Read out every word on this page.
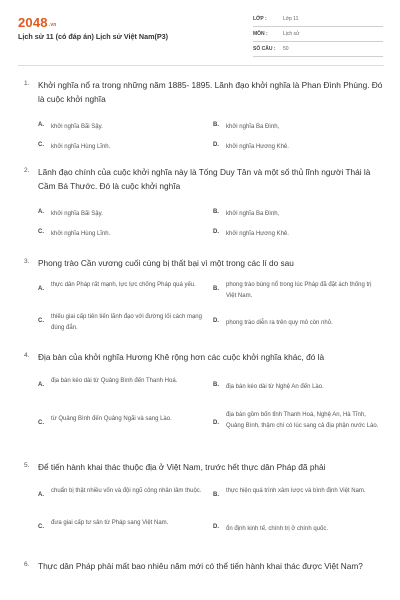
$2048^{.vn}$
Lịch sử 11 (có đáp án) Lịch sử Việt Nam(P3)
LỚP :	Lớp 11
MÔN :	Lịch sử
SỐ CÂU : 50
1. Khởi nghĩa nổ ra trong những năm 1885- 1895. Lãnh đạo khởi nghĩa là Phan Đình Phùng. Đó là cuộc khởi nghĩa
A. khởi nghĩa Bãi Sậy.	B. khởi nghĩa Ba Đình,
C. khởi nghĩa Hùng Lĩnh.	D. khởi nghĩa Hương Khê.
2. Lãnh đạo chính của cuộc khởi nghĩa này là Tống Duy Tân và một số thủ lĩnh người Thái là Cầm Bá Thước. Đó là cuộc khởi nghĩa
A. khởi nghĩa Bãi Sậy.	B. khởi nghĩa Ba Đình,
C. khởi nghĩa Hùng Lĩnh.	D. khởi nghĩa Hương Khê.
3. Phong trào Cần vương cuối cùng bị thất bại vì một trong các lí do sau
A.
thực dân Pháp rất mạnh, lực lực chống Pháp quá yếu.
B.
phong trào bùng nổ trong lúc Pháp đã đặt ách thống trị Việt Nam.
C.
thiếu giai cấp tiên tiến lãnh đạo với đường lối cách mạng đúng đắn.
D. phong trào diễn ra trên quy mô còn nhỏ.
4. Địa bàn của khởi nghĩa Hương Khê rộng hơn các cuộc khởi nghĩa khác, đó là
A.
địa bàn kéo dài từ Quảng Bình đến Thanh Hoá.
B. địa bàn kéo dài từ Nghệ An đến Lào.
C.
từ Quảng Bình đến Quảng Ngãi và sang Lào.
D.
địa bàn gồm bốn tỉnh Thanh Hoá, Nghệ An, Hà Tĩnh, Quảng Bình, thậm chí có lúc sang cả địa phận nước Lào.
5. Để tiến hành khai thác thuộc địa ở Việt Nam, trước hết thực dân Pháp đã phải
A.
chuẩn bị thật nhiều vốn và đội ngũ công nhân lâm thuộc.
B.
thực hiện quá trình xâm lược và bình định Việt Nam.
C.
đưa giai cấp tư sản từ Pháp sang Việt Nam.
D. ổn định kinh tế, chính trị ở chính quốc.
6. Thực dân Pháp phải mất bao nhiêu năm mới có thể tiến hành khai thác được Việt Nam?
